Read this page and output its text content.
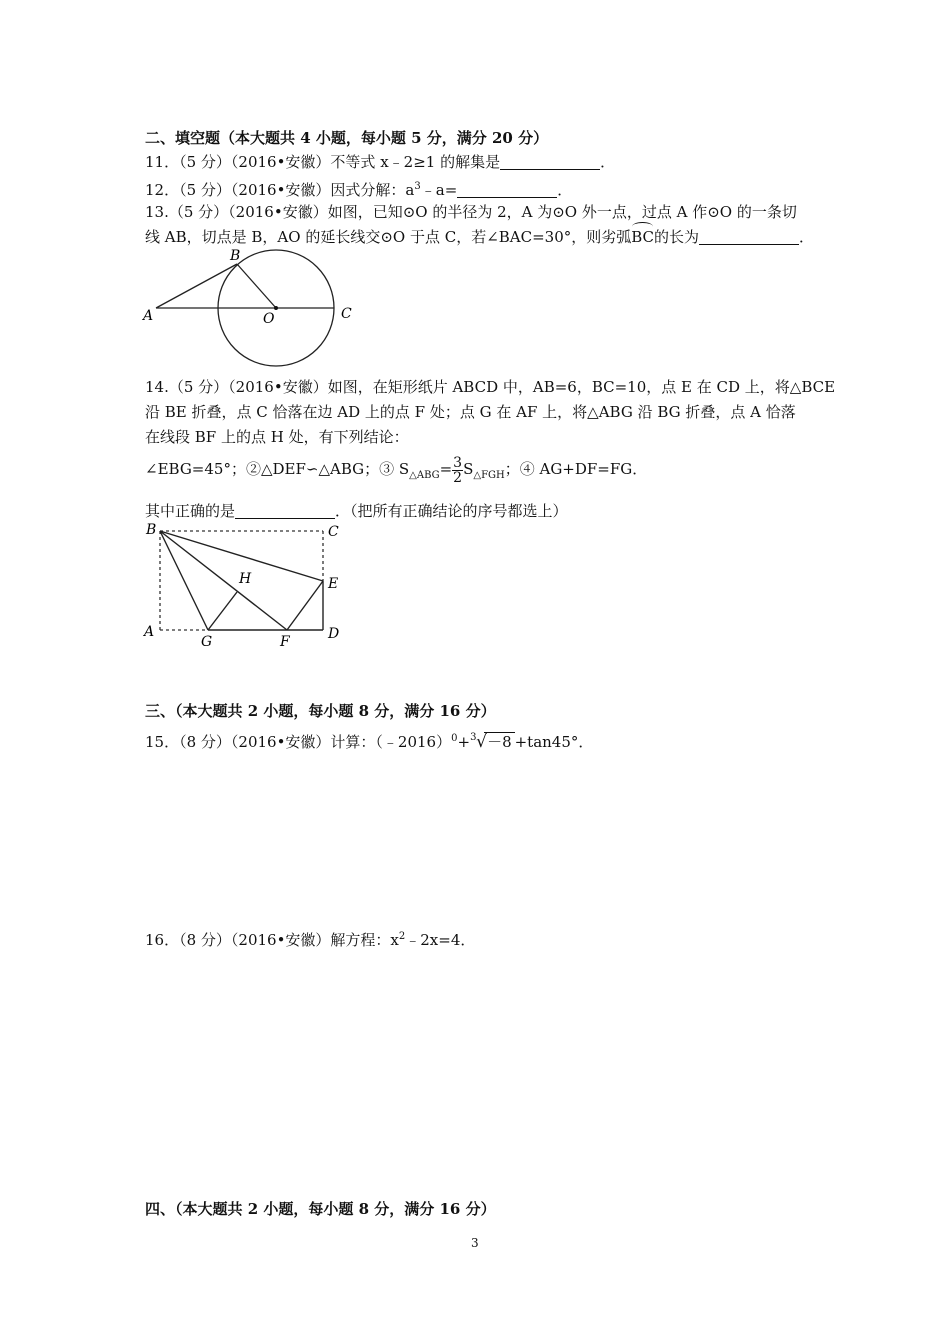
二、填空题（本大题共 4 小题，每小题 5 分，满分 20 分）
11．（5 分）（2016•安徽）不等式 x﹣2≥1 的解集是	．
12．（5 分）（2016•安徽）因式分解：$a^3﹣a=$	．
13.（5 分）（2016•安徽）如图，已知⊙O 的半径为 2，A 为⊙O 外一点，过点 A 作⊙O 的一条切
线 AB，切点是 B，AO 的延长线交⊙O 于点 C，若∠BAC=30°，则劣弧BC的长为	．
A
B
O	C
14.（5 分）（2016•安徽）如图，在矩形纸片 ABCD 中，AB=6，BC=10，点 E 在 CD 上，将△BCE
沿 BE 折叠，点 C 恰落在边 AD 上的点 F 处；点 G 在 AF 上，将△ABG 沿 BG 折叠，点 A 恰落
在线段 BF 上的点 H 处，有下列结论：
∠EBG=45°；②△DEF∽△ABG；③ $S_{\triangle ABG}= \frac{3}{2} S_{\triangle FGH}$；④ AG+DF=FG．
其中正确的是	．（把所有正确结论的序号都选上）
B	C
H	E
A
G	F	D
三、（本大题共 2 小题，每小题 8 分，满分 16 分）
15．（8 分）（2016•安徽）计算：（﹣2016）$^0$+ 3 √ －8 +tan45°．
16．（8 分）（2016•安徽）解方程：$x^2﹣2x=4$．
四、（本大题共 2 小题，每小题 8 分，满分 16 分）
3
